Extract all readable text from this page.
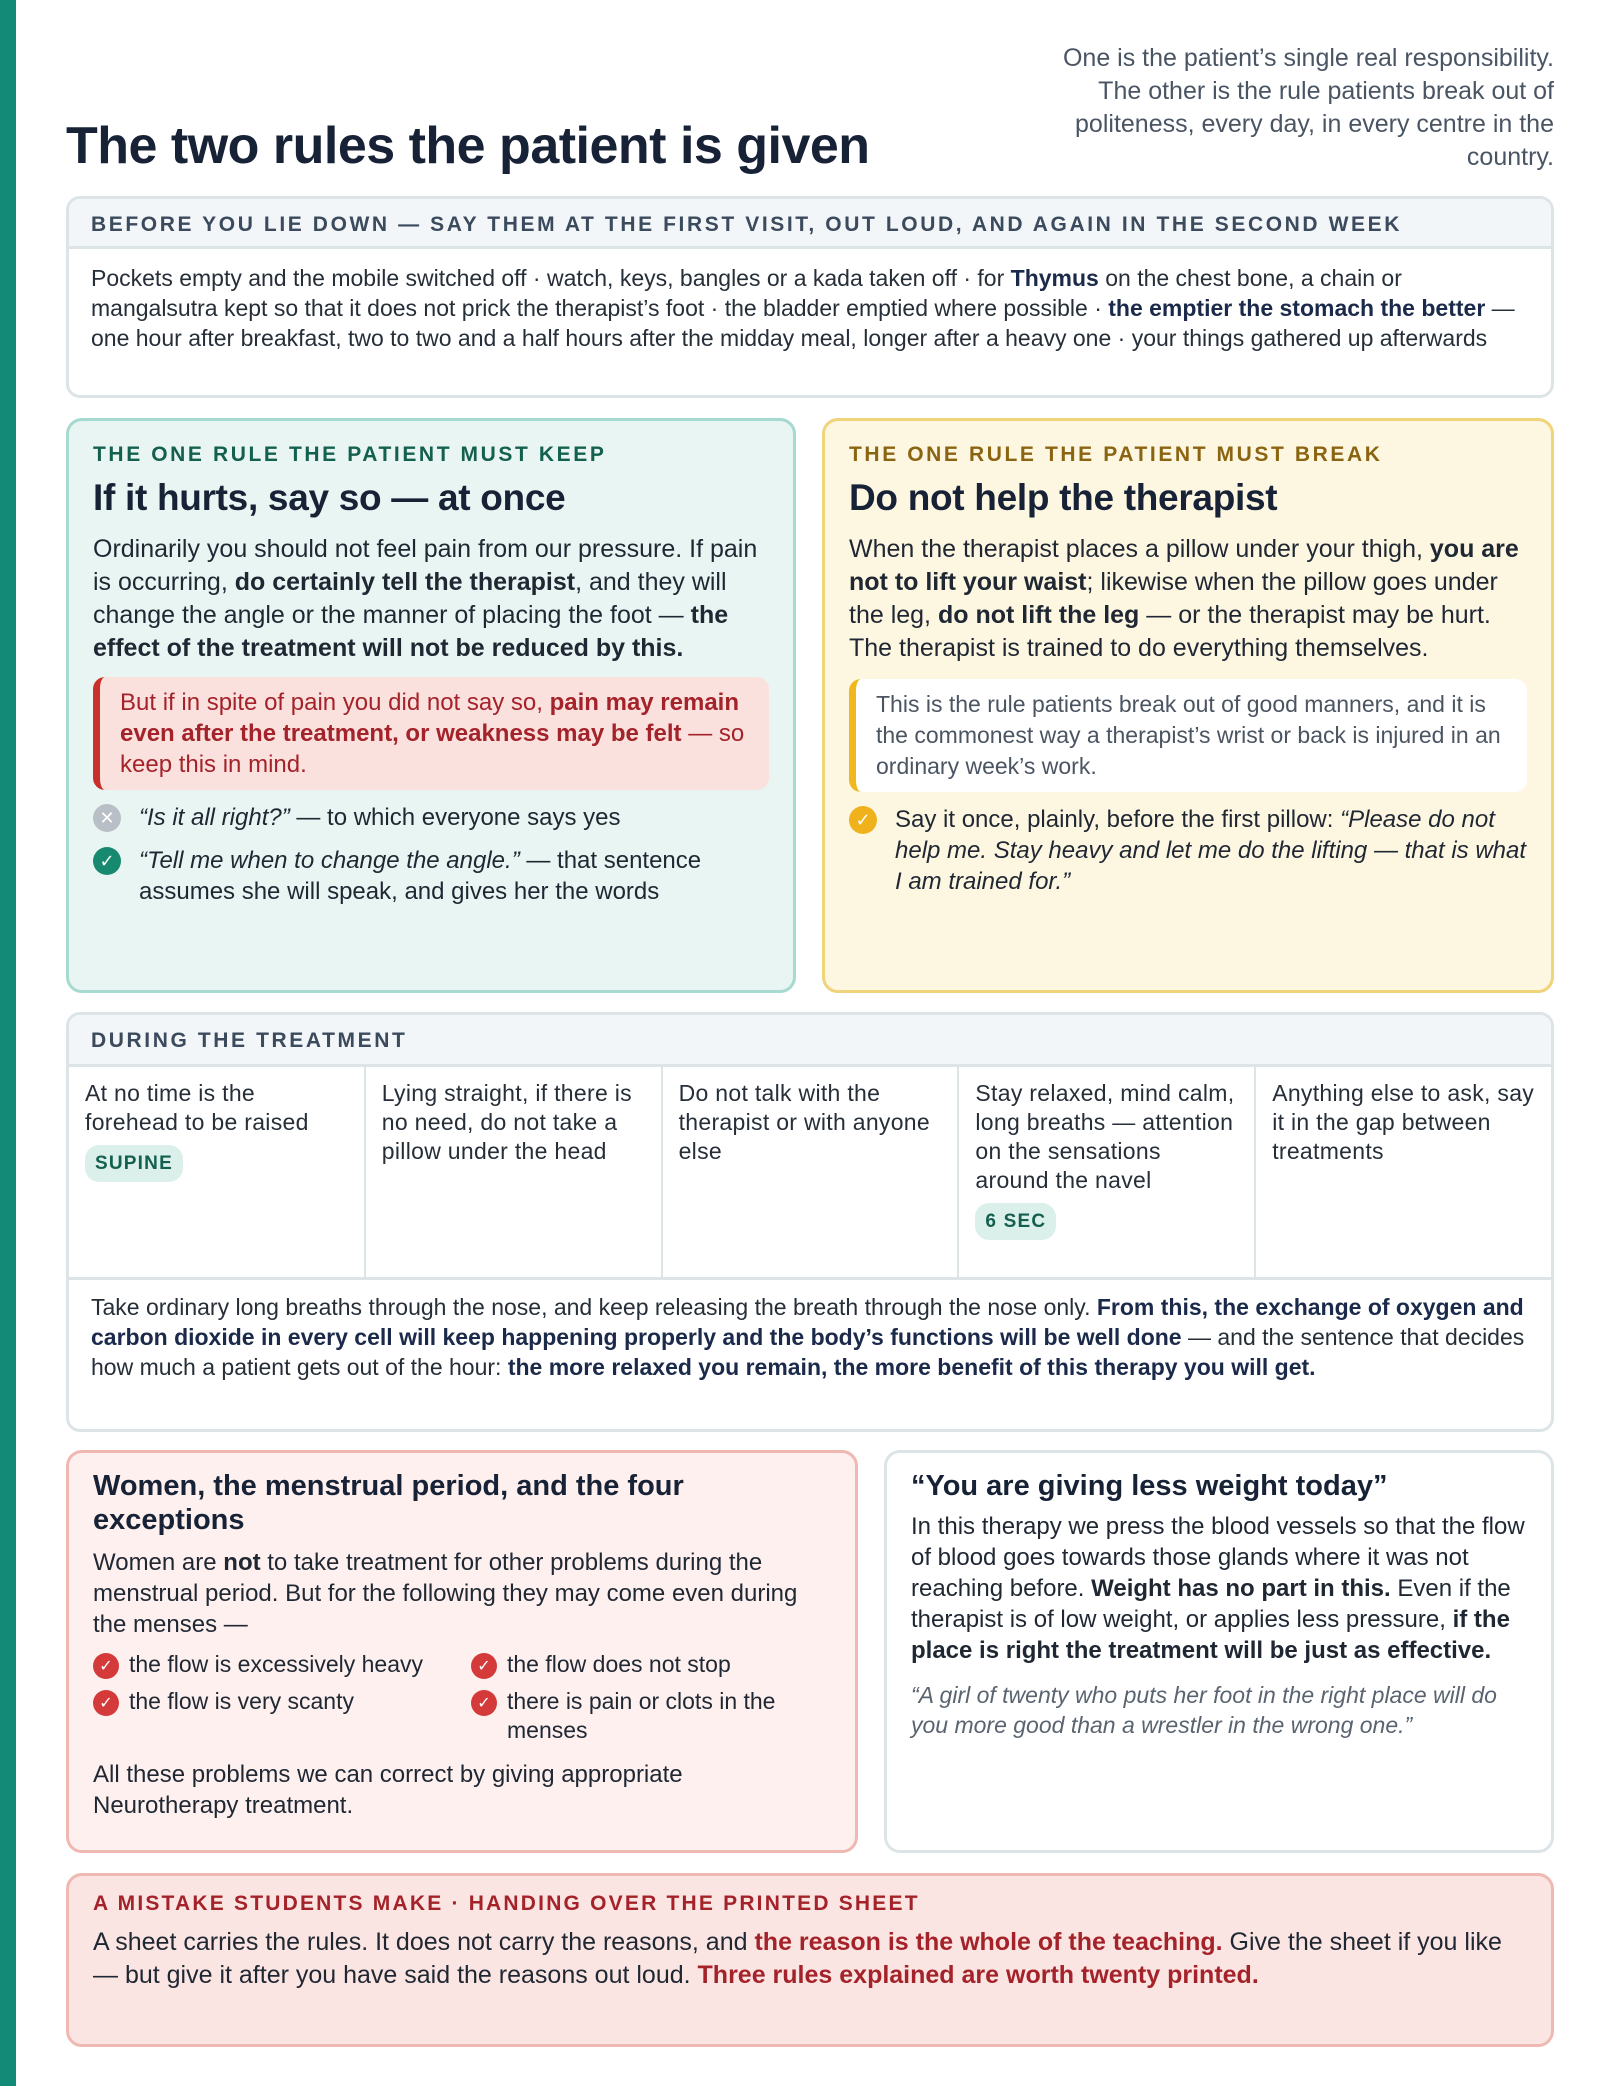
The two rules the patient is given

One is the patient’s single real responsibility. The other is the rule patients break out of politeness, every day, in every centre in the country.

BEFORE YOU LIE DOWN — SAY THEM AT THE FIRST VISIT, OUT LOUD, AND AGAIN IN THE SECOND WEEK

Pockets empty and the mobile switched off · watch, keys, bangles or a kada taken off · for Thymus on the chest bone, a chain or mangalsutra kept so that it does not prick the therapist’s foot · the bladder emptied where possible · the emptier the stomach the better — one hour after breakfast, two to two and a half hours after the midday meal, longer after a heavy one · your things gathered up afterwards

THE ONE RULE THE PATIENT MUST KEEP
If it hurts, say so — at once

Ordinarily you should not feel pain from our pressure. If pain is occurring, do certainly tell the therapist, and they will change the angle or the manner of placing the foot — the effect of the treatment will not be reduced by this.

But if in spite of pain you did not say so, pain may remain even after the treatment, or weakness may be felt — so keep this in mind.
✕ “Is it all right?” — to which everyone says yes
✓ “Tell me when to change the angle.” — that sentence assumes she will speak, and gives her the words
THE ONE RULE THE PATIENT MUST BREAK
Do not help the therapist

When the therapist places a pillow under your thigh, you are not to lift your waist; likewise when the pillow goes under the leg, do not lift the leg — or the therapist may be hurt. The therapist is trained to do everything themselves.

This is the rule patients break out of good manners, and it is the commonest way a therapist’s wrist or back is injured in an ordinary week’s work.
✓ Say it once, plainly, before the first pillow: “Please do not help me. Stay heavy and let me do the lifting — that is what I am trained for.”
DURING THE TREATMENT
At no time is the forehead to be raised
SUPINE
Lying straight, if there is no need, do not take a pillow under the head
Do not talk with the therapist or with anyone else
Stay relaxed, mind calm, long breaths — attention on the sensations around the navel
6 SEC
Anything else to ask, say it in the gap between treatments

Take ordinary long breaths through the nose, and keep releasing the breath through the nose only. From this, the exchange of oxygen and carbon dioxide in every cell will keep happening properly and the body’s functions will be well done — and the sentence that decides how much a patient gets out of the hour: the more relaxed you remain, the more benefit of this therapy you will get.

Women, the menstrual period, and the four exceptions

Women are not to take treatment for other problems during the menstrual period. But for the following they may come even during the menses —

✓ the flow is excessively heavy	✓ the flow does not stop
✓ the flow is very scanty	✓ there is pain or clots in the menses

All these problems we can correct by giving appropriate Neurotherapy treatment.

“You are giving less weight today”

In this therapy we press the blood vessels so that the flow of blood goes towards those glands where it was not reaching before. Weight has no part in this. Even if the therapist is of low weight, or applies less pressure, if the place is right the treatment will be just as effective.

“A girl of twenty who puts her foot in the right place will do you more good than a wrestler in the wrong one.”

A MISTAKE STUDENTS MAKE · HANDING OVER THE PRINTED SHEET

A sheet carries the rules. It does not carry the reasons, and the reason is the whole of the teaching. Give the sheet if you like — but give it after you have said the reasons out loud. Three rules explained are worth twenty printed.
